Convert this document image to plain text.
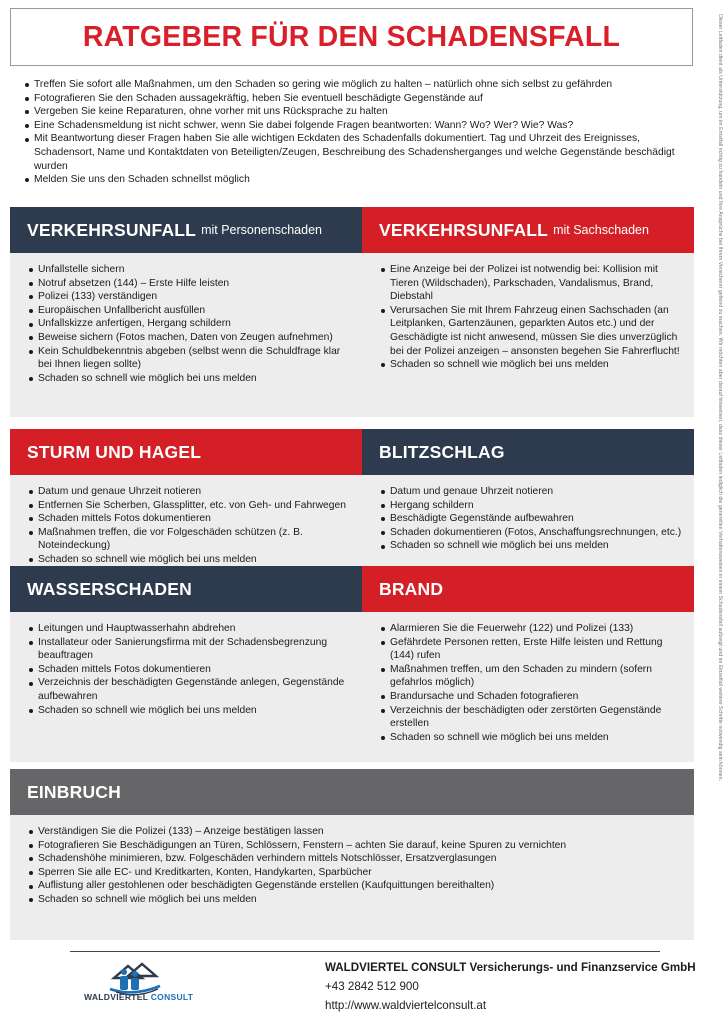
RATGEBER FÜR DEN SCHADENSFALL	Dieser Leitfaden dient als Unterstützung, um im Ernstfall richtig zu handeln und Ihre Ansprüche bei Ihrem Versicherer geltend zu machen. Wir möchten aber darauf hinweisen, dass dieser Leitfaden lediglich die generellen Verhaltensweisen in einem Schadensfall aufzeigt und im Einzelfall weitere Schritte notwendig sein können.
Treffen Sie sofort alle Maßnahmen, um den Schaden so gering wie möglich zu halten – natürlich ohne sich selbst zu gefährden
Fotografieren Sie den Schaden aussagekräftig, heben Sie eventuell beschädigte Gegenstände auf
Vergeben Sie keine Reparaturen, ohne vorher mit uns Rücksprache zu halten
Eine Schadensmeldung ist nicht schwer, wenn Sie dabei folgende Fragen beantworten: Wann? Wo? Wer? Wie? Was?
Mit Beantwortung dieser Fragen haben Sie alle wichtigen Eckdaten des Schadenfalls dokumentiert. Tag und Uhrzeit des Ereignisses, Schadensort, Name und Kontaktdaten von Beteiligten/Zeugen, Beschreibung des Schadensherganges und welche Gegenstände beschädigt wurden
Melden Sie uns den Schaden schnellst möglich
VERKEHRSUNFALL mit Personenschaden
Unfallstelle sichern
Notruf absetzen (144) – Erste Hilfe leisten
Polizei (133) verständigen
Europäischen Unfallbericht ausfüllen
Unfallskizze anfertigen, Hergang schildern
Beweise sichern (Fotos machen, Daten von Zeugen aufnehmen)
Kein Schuldbekenntnis abgeben (selbst wenn die Schuldfrage klar bei Ihnen liegen sollte)
Schaden so schnell wie möglich bei uns melden
VERKEHRSUNFALL mit Sachschaden
Eine Anzeige bei der Polizei ist notwendig bei: Kollision mit Tieren (Wildschaden), Parkschaden, Vandalismus, Brand, Diebstahl
Verursachen Sie mit Ihrem Fahrzeug einen Sachschaden (an Leitplanken, Gartenzäunen, geparkten Autos etc.) und der Geschädigte ist nicht anwesend, müssen Sie dies unverzüglich bei der Polizei anzeigen – ansonsten begehen Sie Fahrerflucht!
Schaden so schnell wie möglich bei uns melden
STURM UND HAGEL
Datum und genaue Uhrzeit notieren
Entfernen Sie Scherben, Glassplitter, etc. von Geh- und Fahrwegen
Schaden mittels Fotos dokumentieren
Maßnahmen treffen, die vor Folgeschäden schützen (z. B. Noteindeckung)
Schaden so schnell wie möglich bei uns melden
BLITZSCHLAG
Datum und genaue Uhrzeit notieren
Hergang schildern
Beschädigte Gegenstände aufbewahren
Schaden dokumentieren (Fotos, Anschaffungsrechnungen, etc.)
Schaden so schnell wie möglich bei uns melden
WASSERSCHADEN
Leitungen und Hauptwasserhahn abdrehen
Installateur oder Sanierungsfirma mit der Schadensbegrenzung beauftragen
Schaden mittels Fotos dokumentieren
Verzeichnis der beschädigten Gegenstände anlegen, Gegenstände aufbewahren
Schaden so schnell wie möglich bei uns melden
BRAND
Alarmieren Sie die Feuerwehr (122) und Polizei (133)
Gefährdete Personen retten, Erste Hilfe leisten und Rettung (144) rufen
Maßnahmen treffen, um den Schaden zu mindern (sofern gefahrlos möglich)
Brandursache und Schaden fotografieren
Verzeichnis der beschädigten oder zerstörten Gegenstände erstellen
Schaden so schnell wie möglich bei uns melden
EINBRUCH
Verständigen Sie die Polizei (133) – Anzeige bestätigen lassen
Fotografieren Sie Beschädigungen an Türen, Schlössern, Fenstern – achten Sie darauf, keine Spuren zu vernichten
Schadenshöhe minimieren, bzw. Folgeschäden verhindern mittels Notschlösser, Ersatzverglasungen
Sperren Sie alle EC- und Kreditkarten, Konten, Handykarten, Sparbücher
Auflistung aller gestohlenen oder beschädigten Gegenstände erstellen (Kaufquittungen bereithalten)
Schaden so schnell wie möglich bei uns melden
WALDVIERTEL CONSULT
WALDVIERTEL CONSULT Versicherungs- und Finanzservice GmbH
+43 2842 512 900
http://www.waldviertelconsult.at
